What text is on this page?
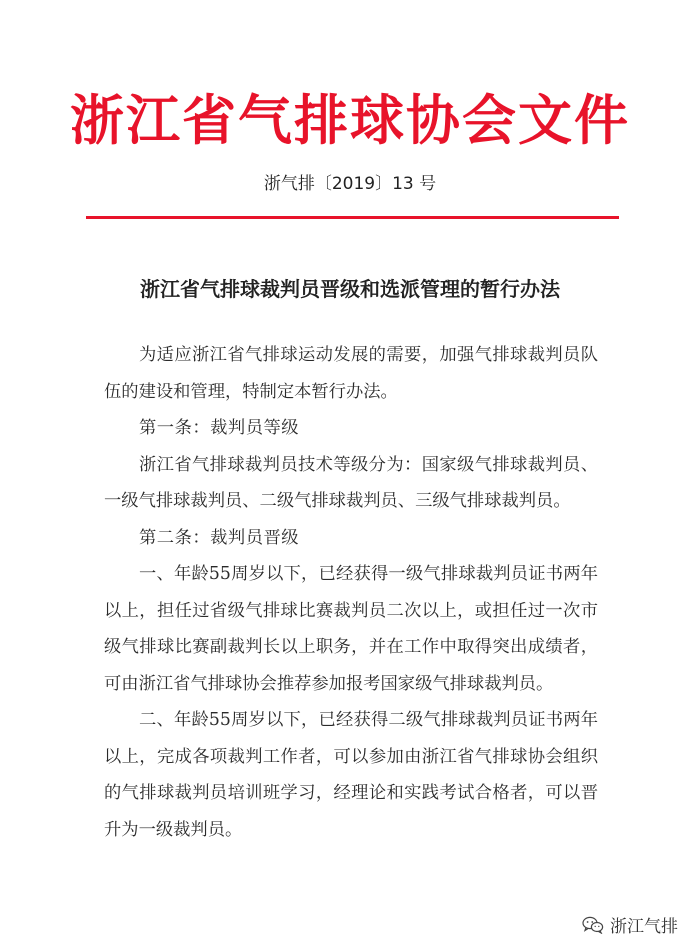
浙江省气排球协会文件
浙气排〔2019〕13 号
浙江省气排球裁判员晋级和选派管理的暂行办法

为适应浙江省气排球运动发展的需要，加强气排球裁判员队伍的建设和管理，特制定本暂行办法。

第一条：裁判员等级

浙江省气排球裁判员技术等级分为：国家级气排球裁判员、一级气排球裁判员、二级气排球裁判员、三级气排球裁判员。

第二条：裁判员晋级

一、年龄55周岁以下，已经获得一级气排球裁判员证书两年以上，担任过省级气排球比赛裁判员二次以上，或担任过一次市级气排球比赛副裁判长以上职务，并在工作中取得突出成绩者，可由浙江省气排球协会推荐参加报考国家级气排球裁判员。

二、年龄55周岁以下，已经获得二级气排球裁判员证书两年以上，完成各项裁判工作者，可以参加由浙江省气排球协会组织的气排球裁判员培训班学习，经理论和实践考试合格者，可以晋升为一级裁判员。

浙江气排
